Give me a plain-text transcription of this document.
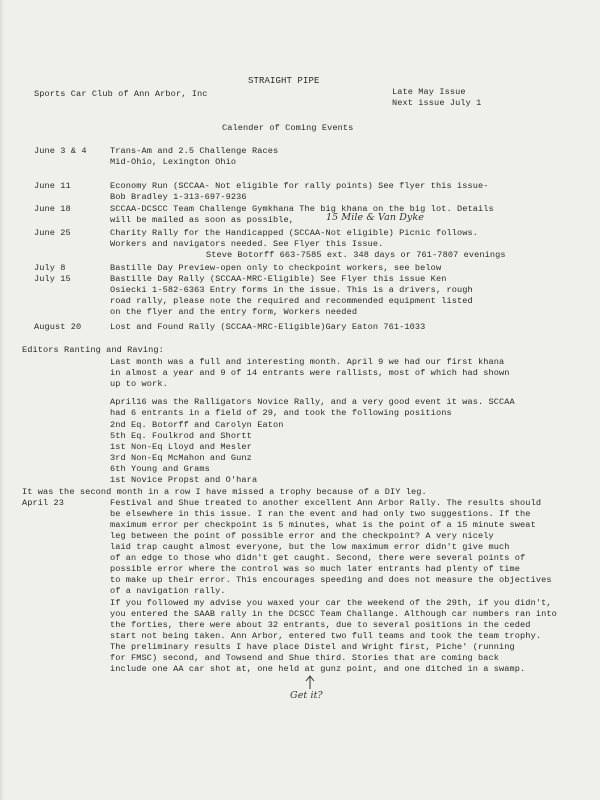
STRAIGHT PIPE
Sports Car Club of Ann Arbor, Inc	Late May Issue
Next issue July 1
Calender of Coming Events
June 3 & 4	Trans-Am and 2.5 Challenge Races
Mid-Ohio, Lexington Ohio
June 11	Economy Run (SCCAA- Not eligible for rally points) See flyer this issue-
Bob Bradley 1-313-697-9236
June 18	SCCAA-DCSCC Team Challenge Gymkhana The big khana on the big lot. Details
will be mailed as soon as possible,	15 Mile & Van Dyke
June 25	Charity Rally for the Handicapped (SCCAA-Not eligible) Picnic follows.
Workers and navigators needed. See Flyer this Issue.
Steve Botorff 663-7585 ext. 348 days or 761-7807 evenings
July 8	Bastille Day Preview-open only to checkpoint workers, see below
July 15	Bastille Day Rally (SCCAA-MRC-Eligible) See Flyer this issue Ken
Osiecki 1-582-6363 Entry forms in the issue. This is a drivers, rough
road rally, please note the required and recommended equipment listed
on the flyer and the entry form, Workers needed
August 20	Lost and Found Rally (SCCAA-MRC-Eligible)Gary Eaton 761-1033
Editors Ranting and Raving:
Last month was a full and interesting month. April 9 we had our first khana
in almost a year and 9 of 14 entrants were rallists, most of which had shown
up to work.
April16 was the Ralligators Novice Rally, and a very good event it was. SCCAA
had 6 entrants in a field of 29, and took the following positions
2nd Eq. Botorff and Carolyn Eaton
5th Eq. Foulkrod and Shortt
1st Non-Eq Lloyd and Mesler
3rd Non-Eq McMahon and Gunz
6th Young and Grams
1st Novice Propst and O'hara
It was the second month in a row I have missed a trophy because of a DIY leg.
April 23	Festival and Shue treated to another excellent Ann Arbor Rally. The results should
be elsewhere in this issue. I ran the event and had only two suggestions. If the
maximum error per checkpoint is 5 minutes, what is the point of a 15 minute sweat
leg between the point of possible error and the checkpoint? A very nicely
laid trap caught almost everyone, but the low maximum error didn't give much
of an edge to those who didn't get caught. Second, there were several points of
possible error where the control was so much later entrants had plenty of time
to make up their error. This encourages speeding and does not measure the objectives
of a navigation rally.
If you followed my advise you waxed your car the weekend of the 29th, if you didn't,
you entered the SAAB rally in the DCSCC Team Challange. Although car numbers ran into
the forties, there were about 32 entrants, due to several positions in the ceded
start not being taken. Ann Arbor, entered two full teams and took the team trophy.
The preliminary results I have place Distel and Wright first, Piche' (running
for FMSC) second, and Towsend and Shue third. Stories that are coming back
include one AA car shot at, one held at gunz point, and one ditched in a swamp.
Get it?
